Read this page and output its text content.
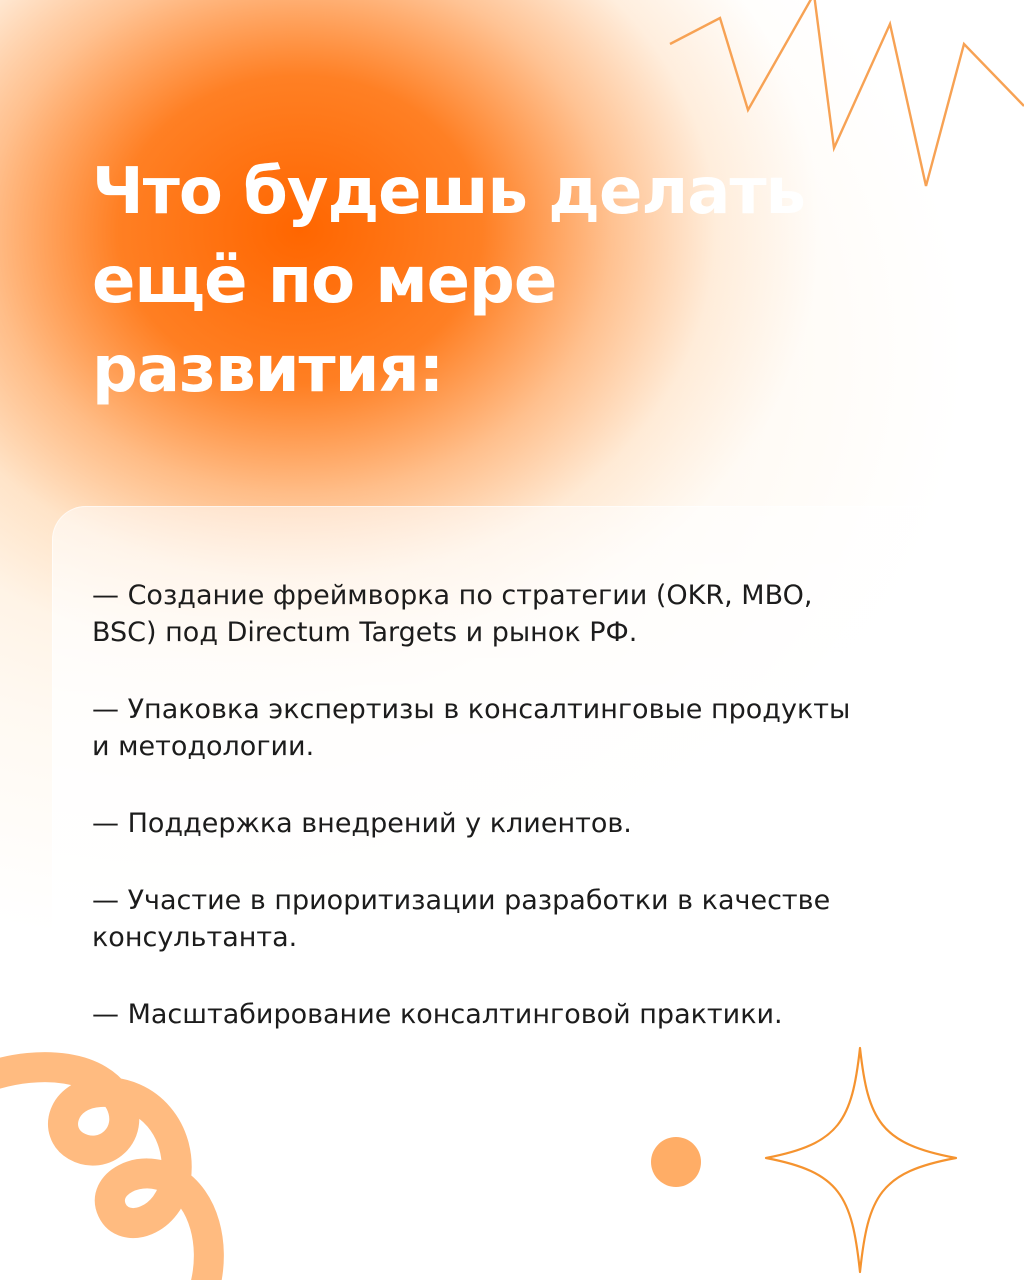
Что будешь делать
ещё по мере
развития:
— Создание фреймворка по стратегии (OKR, MBO,
BSC) под Directum Targets и рынок РФ.
— Упаковка экспертизы в консалтинговые продукты
и методологии.
— Поддержка внедрений у клиентов.
— Участие в приоритизации разработки в качестве
консультанта.
— Масштабирование консалтинговой практики.
